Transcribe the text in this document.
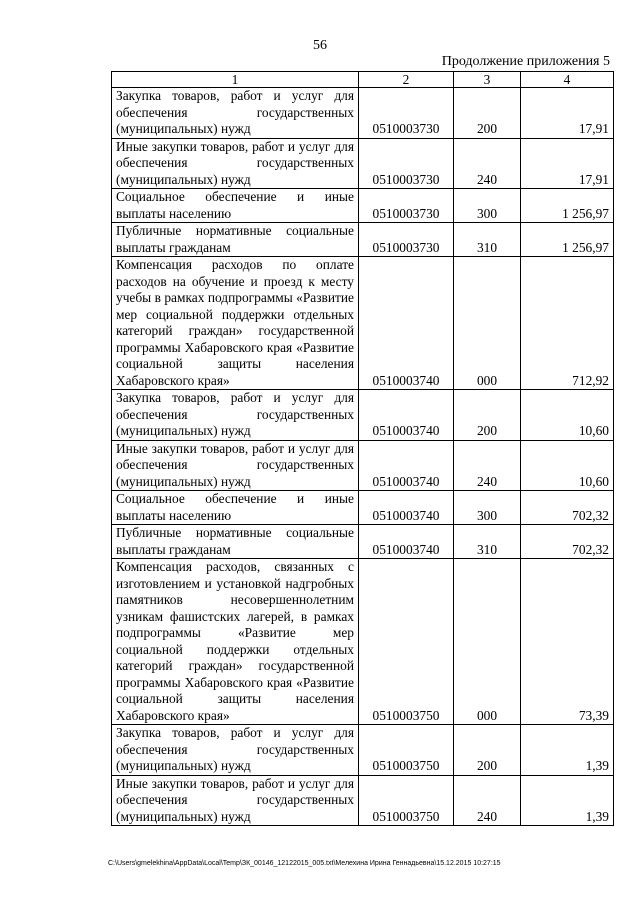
56
Продолжение приложения 5
1	2	3	4
Закупка товаров, работ и услуг для обеспечения государственных (муниципальных) нужд	0510003730	200	17,91
Иные закупки товаров, работ и услуг для обеспечения государственных (муниципальных) нужд	0510003730	240	17,91
Социальное обеспечение и иные выплаты населению	0510003730	300	1 256,97
Публичные нормативные социальные выплаты гражданам	0510003730	310	1 256,97
Компенсация расходов по оплате расходов на обучение и проезд к месту учебы в рамках подпрограммы «Развитие мер социальной поддержки отдельных категорий граждан» государственной программы Хабаровского края «Развитие социальной защиты населения Хабаровского края»	0510003740	000	712,92
Закупка товаров, работ и услуг для обеспечения государственных (муниципальных) нужд	0510003740	200	10,60
Иные закупки товаров, работ и услуг для обеспечения государственных (муниципальных) нужд	0510003740	240	10,60
Социальное обеспечение и иные выплаты населению	0510003740	300	702,32
Публичные нормативные социальные выплаты гражданам	0510003740	310	702,32
Компенсация расходов, связанных с изготовлением и установкой надгробных памятников несовершеннолетним узникам фашистских лагерей, в рамках подпрограммы «Развитие мер социальной поддержки отдельных категорий граждан» государственной программы Хабаровского края «Развитие социальной защиты населения Хабаровского края»	0510003750	000	73,39
Закупка товаров, работ и услуг для обеспечения государственных (муниципальных) нужд	0510003750	200	1,39
Иные закупки товаров, работ и услуг для обеспечения государственных (муниципальных) нужд	0510003750	240	1,39
C:\Users\gmelekhina\AppData\Local\Temp\ЗК_00146_12122015_005.txt\Мелехина Ирина Геннадьевна\15.12.2015 10:27:15
